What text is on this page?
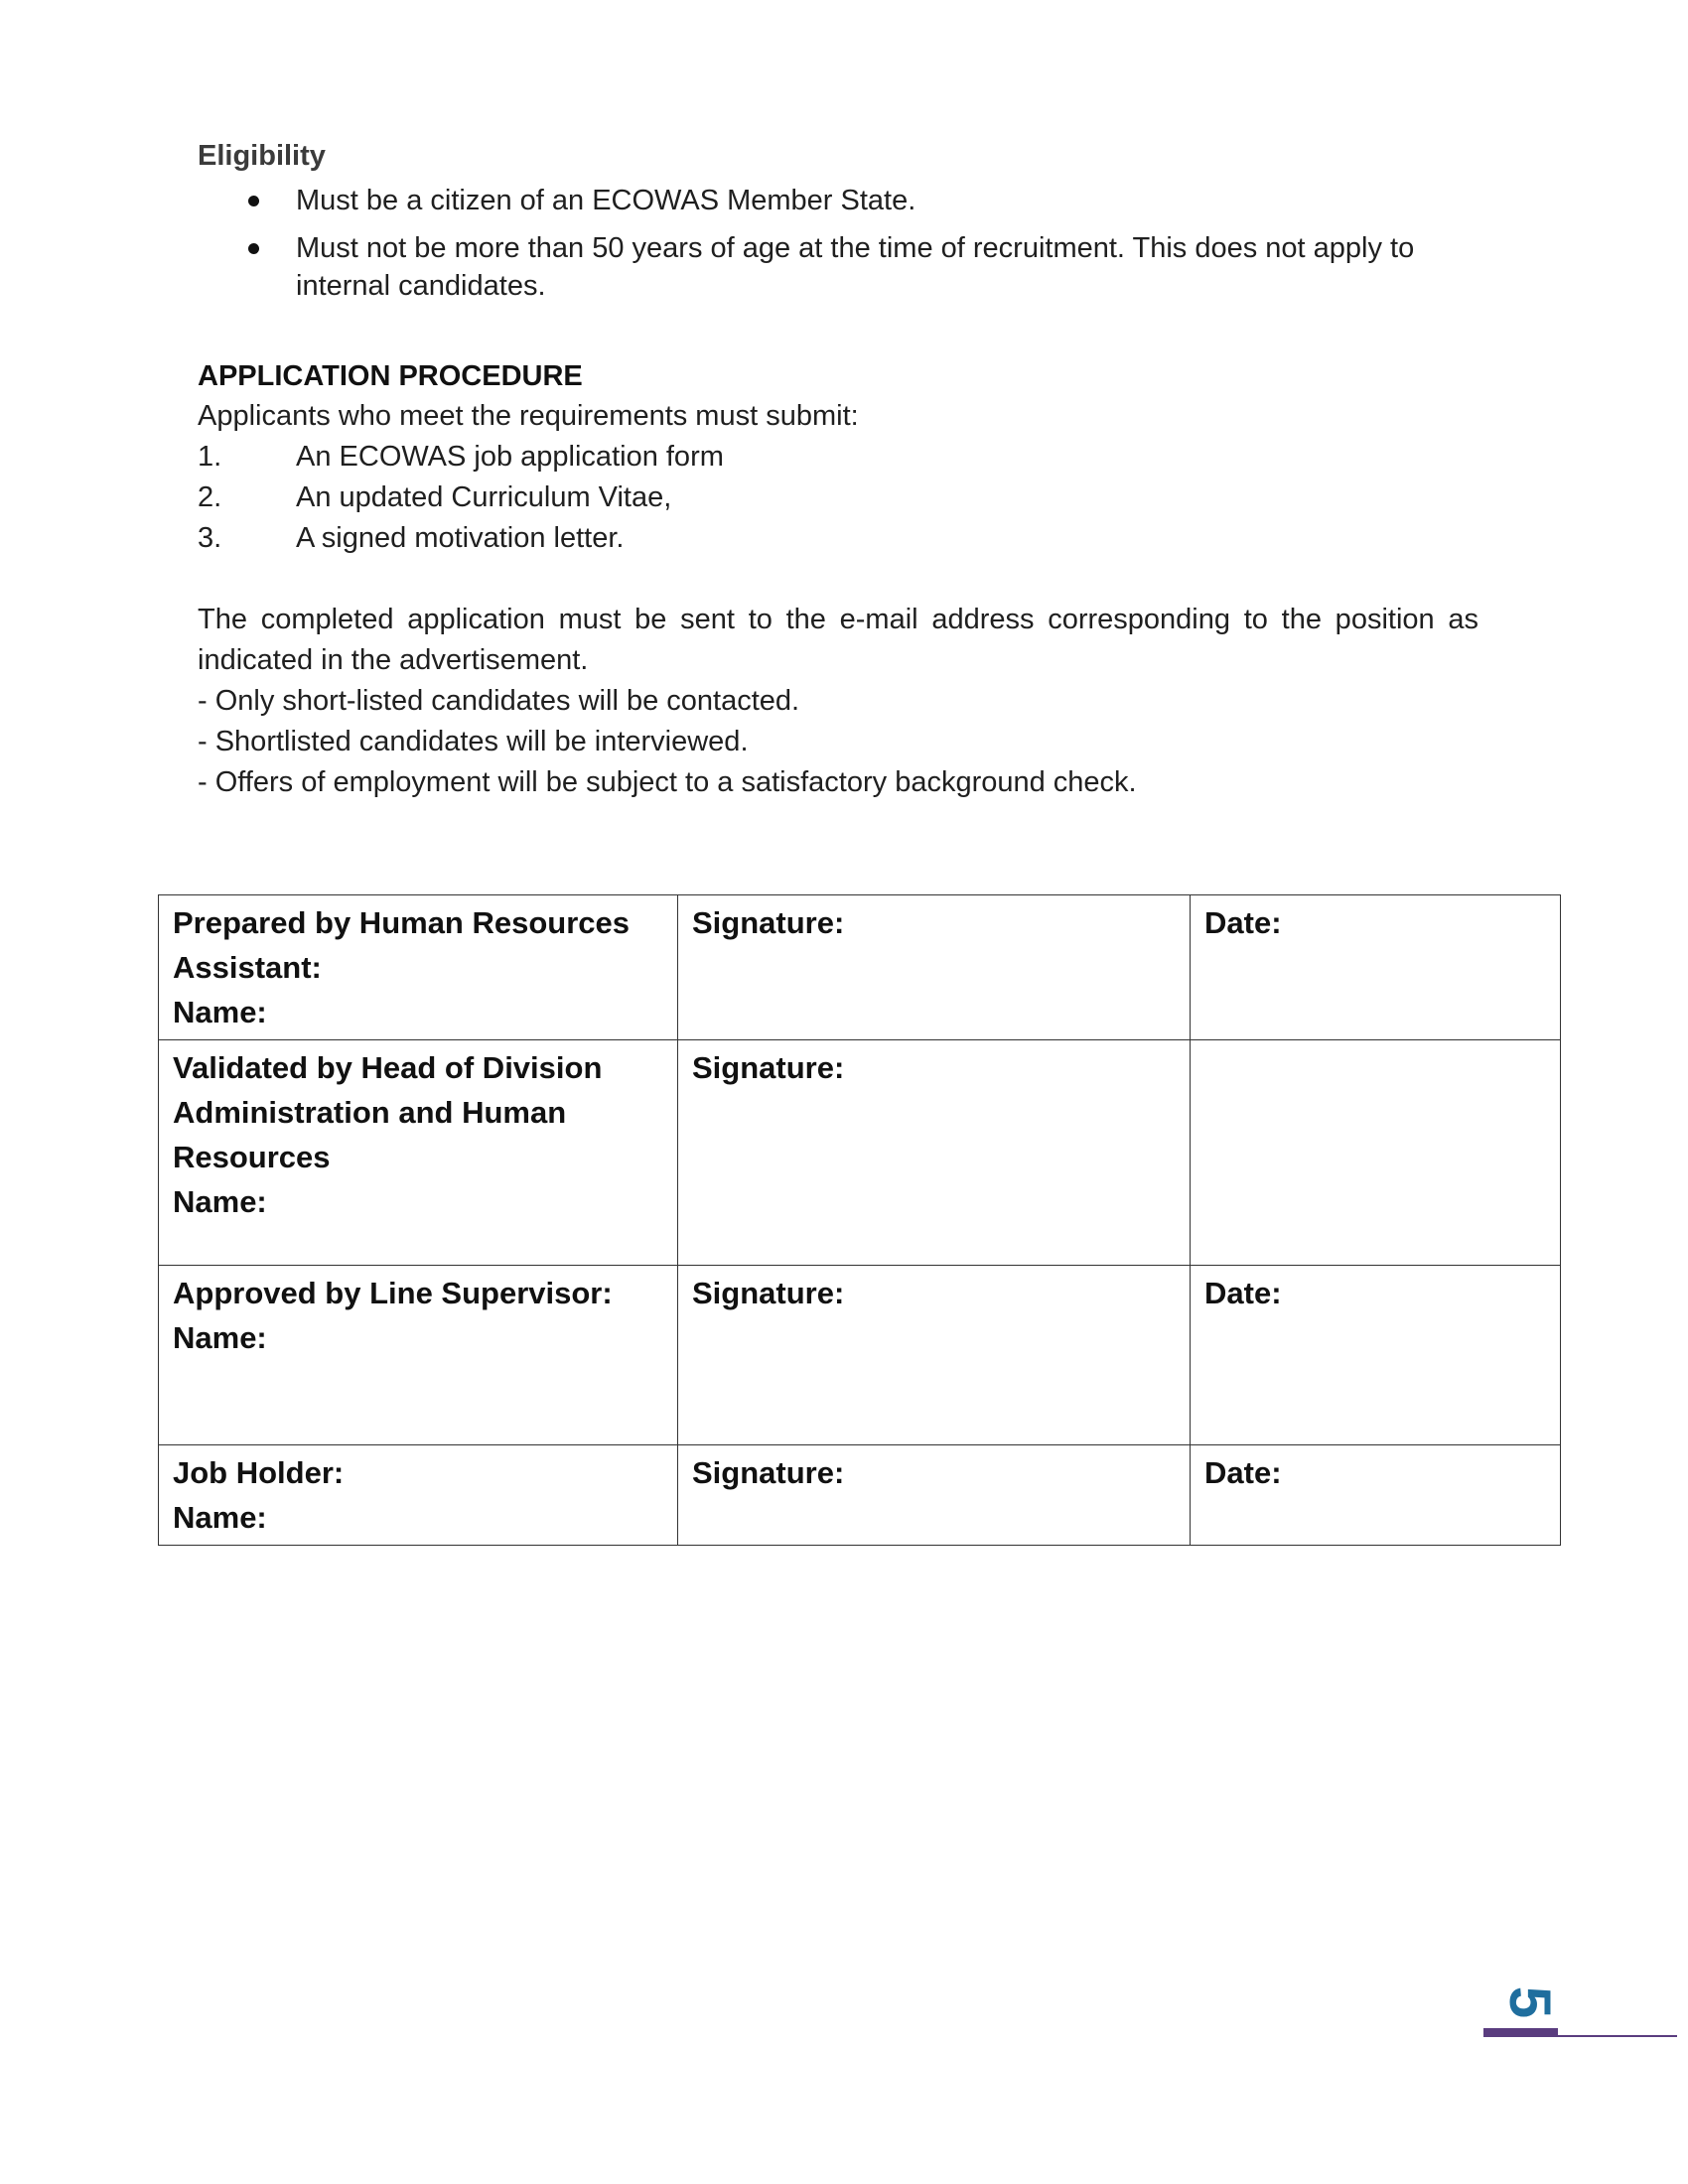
Eligibility
Must be a citizen of an ECOWAS Member State.
Must not be more than 50 years of age at the time of recruitment. This does not apply to internal candidates.
APPLICATION PROCEDURE

Applicants who meet the requirements must submit:

1.	An ECOWAS job application form
2.	An updated Curriculum Vitae,
3.	A signed motivation letter.

The completed application must be sent to the e-mail address corresponding to the position as indicated in the advertisement.

- Only short-listed candidates will be contacted.

- Shortlisted candidates will be interviewed.

- Offers of employment will be subject to a satisfactory background check.

Prepared by Human Resources
Assistant:
Name:	Signature:	Date:

Validated by Head of Division
Administration and Human
Resources
Name:	Signature:	

Approved by Line Supervisor:
Name:	Signature:	Date:

Job Holder:
Name:	Signature:	Date:
5
